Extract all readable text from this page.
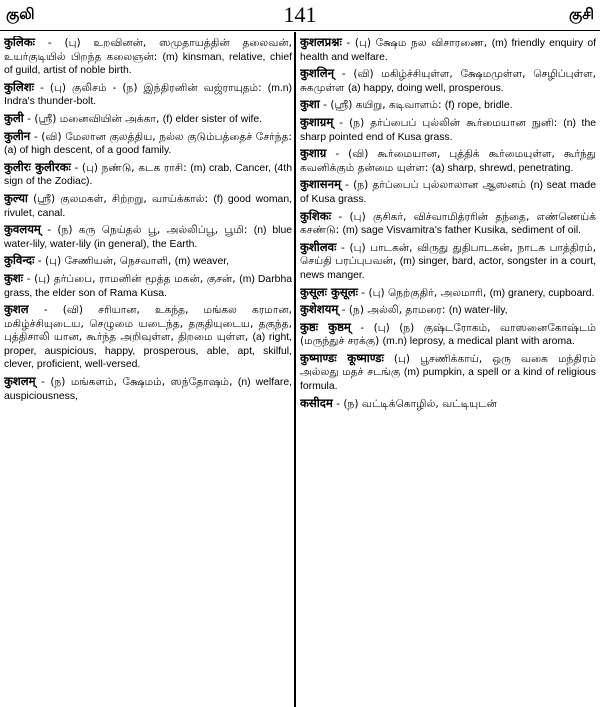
குலி	141	குசி
कुलिकः - (பு) உறவினன், ஸமுதாயத்தின் தலைவன், உயர்குடியில் பிறந்த கலைஞன்: (m) kinsman, relative, chief of guild, artist of noble birth.
कुलिशः - (பு) குலிசம் - (ந) இந்திரனின் வஜ்ராயுதம்: (m.n) Indra's thunder-bolt.
कुली - (ஸ்ரீ) மனைவியின் அக்கா, (f) elder sister of wife.
कुलीन - (வி) மேலான குலத்திய, நல்ல குடும்பத்தைச் சேர்ந்த: (a) of high descent, of a good family.
कुलीरः कुलीरकः - (பு) நண்டு, கடக ராசி: (m) crab, Cancer, (4th sign of the Zodiac).
कुल्या (ஸ்ரீ) குலமகள், சிற்றறு, வாய்க்கால்: (f) good woman, rivulet, canal.
कुवलयम् - (ந) கரு நெய்தல் பூ, அல்லிப்பூ, பூமி: (n) blue water-lily, water-lily (in general), the Earth.
कुविन्दः - (பு) சேணியன், நெசவாளி, (m) weaver,
कुशः - (பு) தர்ப்பை, ராமனின் மூத்த மகன், குசன், (m) Darbha grass, the elder son of Rama Kusa.
कुशल - (வி) சரியான, உகந்த, மங்கல கரமான, மகிழ்ச்சியுடைய, செழுமை யடைந்த, தகுதியுடைய, தகுந்த, புத்திசாலி யான, கூர்ந்த அறிவுள்ள, திறமை யுள்ள, (a) right, proper, auspicious, happy, prosperous, able, apt, skilful, clever, proficient, well-versed.
कुशलम् - (ந) மங்களம், க்ஷேமம், ஸந்தோஷம், (n) welfare, auspiciousness,
कुशलप्रश्नः - (பு) க்ஷேம நல விசாரணை, (m) friendly enquiry of health and welfare.
कुशलिन् - (வி) மகிழ்ச்சியுள்ள, க்ஷேமமுள்ள, செழிப்புள்ள, சுகமுள்ள (a) happy, doing well, prosperous.
कुशा - (ஸ்ரீ) கயிறு, கடிவாளம்: (f) rope, bridle.
कुशाग्रम् - (ந) தர்ப்பைப் புல்லின் கூர்மையான நுனி: (n) the sharp pointed end of Kusa grass.
कुशाग्र - (வி) கூர்மையான, புத்திக் கூர்மையுள்ள, கூர்ந்து கவனிக்கும் தன்மை யுள்ள: (a) sharp, shrewd, penetrating.
कुशासनम् - (ந) தர்ப்பைப் புல்லாலான ஆஸனம் (n) seat made of Kusa grass.
कुशिकः - (பு) குசிகர், விச்வாமித்ரரின் தந்தை, எண்ணெய்க் கசண்டு: (m) sage Visvamitra's father Kusika, sediment of oil.
कुशीलवः - (பு) பாடகன், விருது துதிபாடகன், நாடக பாத்திரம், செய்தி பரப்புபவன், (m) singer, bard, actor, songster in a court, news manger.
कुसूलः कुसूलः - (பு) நெற்குதிர், அலமாரி, (m) granery, cupboard.
कुशेशयम् - (ந) அல்லி, தாமரை: (n) water-lily,
कुष्ठः कुष्ठम् - (பு) (ந) குஷ்டரோகம், வாஸனைகோஷ்டம் (மருந்துச் சரக்கு) (m.n) leprosy, a medical plant with aroma.
कुष्माण्डः कूष्माण्डः (பு) பூசணிக்காய், ஒரு வகை மந்திரம் அல்லது மதச் சடங்கு (m) pumpkin, a spell or a kind of religious formula.
कसीदम - (ந) வட்டிக்கொழில், வட்டியுடன்
